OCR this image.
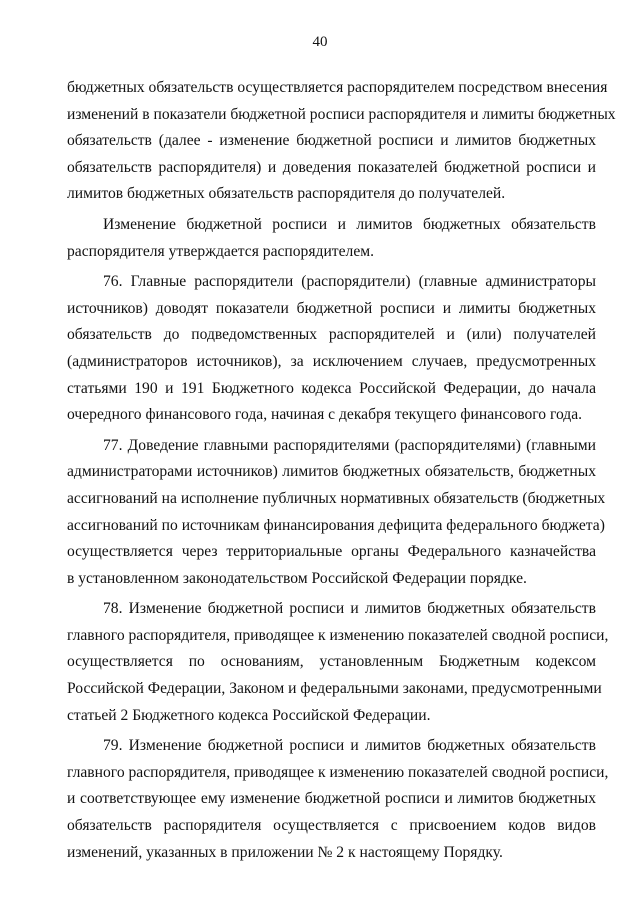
40
бюджетных обязательств осуществляется распорядителем посредством внесения
изменений в показатели бюджетной росписи распорядителя и лимиты бюджетных
обязательств (далее - изменение бюджетной росписи и лимитов бюджетных
обязательств распорядителя) и доведения показателей бюджетной росписи и
лимитов бюджетных обязательств распорядителя до получателей.
Изменение бюджетной росписи и лимитов бюджетных обязательств
распорядителя утверждается распорядителем.
76. Главные распорядители (распорядители) (главные администраторы
источников) доводят показатели бюджетной росписи и лимиты бюджетных
обязательств до подведомственных распорядителей и (или) получателей
(администраторов источников), за исключением случаев, предусмотренных
статьями 190 и 191 Бюджетного кодекса Российской Федерации, до начала
очередного финансового года, начиная с декабря текущего финансового года.
77. Доведение главными распорядителями (распорядителями) (главными
администраторами источников) лимитов бюджетных обязательств, бюджетных
ассигнований на исполнение публичных нормативных обязательств (бюджетных
ассигнований по источникам финансирования дефицита федерального бюджета)
осуществляется через территориальные органы Федерального казначейства
в установленном законодательством Российской Федерации порядке.
78. Изменение бюджетной росписи и лимитов бюджетных обязательств
главного распорядителя, приводящее к изменению показателей сводной росписи,
осуществляется по основаниям, установленным Бюджетным кодексом
Российской Федерации, Законом и федеральными законами, предусмотренными
статьей 2 Бюджетного кодекса Российской Федерации.
79. Изменение бюджетной росписи и лимитов бюджетных обязательств
главного распорядителя, приводящее к изменению показателей сводной росписи,
и соответствующее ему изменение бюджетной росписи и лимитов бюджетных
обязательств распорядителя осуществляется с присвоением кодов видов
изменений, указанных в приложении № 2 к настоящему Порядку.
